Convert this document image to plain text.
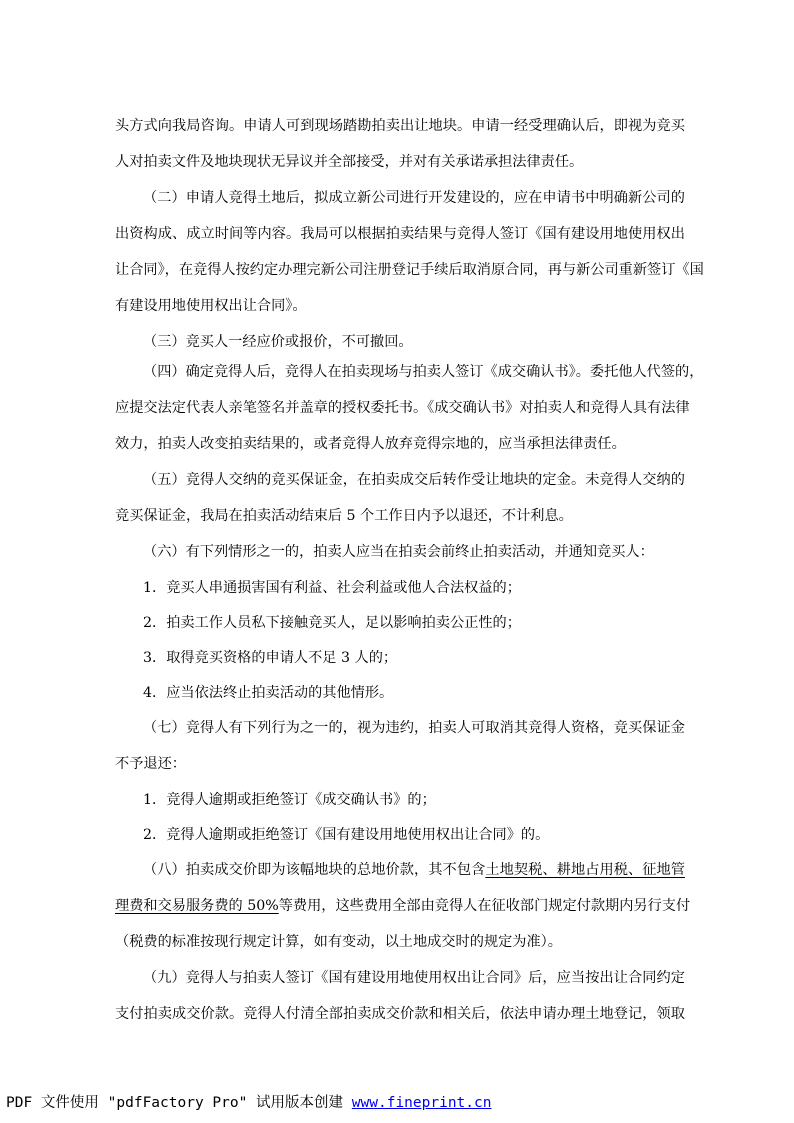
头方式向我局咨询。申请人可到现场踏勘拍卖出让地块。申请一经受理确认后，即视为竞买
人对拍卖文件及地块现状无异议并全部接受，并对有关承诺承担法律责任。
（二）申请人竞得土地后，拟成立新公司进行开发建设的，应在申请书中明确新公司的
出资构成、成立时间等内容。我局可以根据拍卖结果与竞得人签订《国有建设用地使用权出
让合同》，在竞得人按约定办理完新公司注册登记手续后取消原合同，再与新公司重新签订《国
有建设用地使用权出让合同》。
（三）竞买人一经应价或报价，不可撤回。
（四）确定竞得人后，竞得人在拍卖现场与拍卖人签订《成交确认书》。委托他人代签的，
应提交法定代表人亲笔签名并盖章的授权委托书。《成交确认书》对拍卖人和竞得人具有法律
效力，拍卖人改变拍卖结果的，或者竞得人放弃竞得宗地的，应当承担法律责任。
（五）竞得人交纳的竞买保证金，在拍卖成交后转作受让地块的定金。未竞得人交纳的
竞买保证金，我局在拍卖活动结束后 5 个工作日内予以退还，不计利息。
（六）有下列情形之一的，拍卖人应当在拍卖会前终止拍卖活动，并通知竞买人：
1．竞买人串通损害国有利益、社会利益或他人合法权益的；
2．拍卖工作人员私下接触竞买人，足以影响拍卖公正性的；
3．取得竞买资格的申请人不足 3 人的；
4．应当依法终止拍卖活动的其他情形。
（七）竞得人有下列行为之一的，视为违约，拍卖人可取消其竞得人资格，竞买保证金
不予退还：
1．竞得人逾期或拒绝签订《成交确认书》的；
2．竞得人逾期或拒绝签订《国有建设用地使用权出让合同》的。
（八）拍卖成交价即为该幅地块的总地价款，其不包含土地契税、耕地占用税、征地管
理费和交易服务费的 50%等费用，这些费用全部由竞得人在征收部门规定付款期内另行支付
（税费的标准按现行规定计算，如有变动，以土地成交时的规定为准）。
（九）竞得人与拍卖人签订《国有建设用地使用权出让合同》后，应当按出让合同约定
支付拍卖成交价款。竞得人付清全部拍卖成交价款和相关后，依法申请办理土地登记，领取
PDF 文件使用 "pdfFactory Pro" 试用版本创建 www.fineprint.cn
